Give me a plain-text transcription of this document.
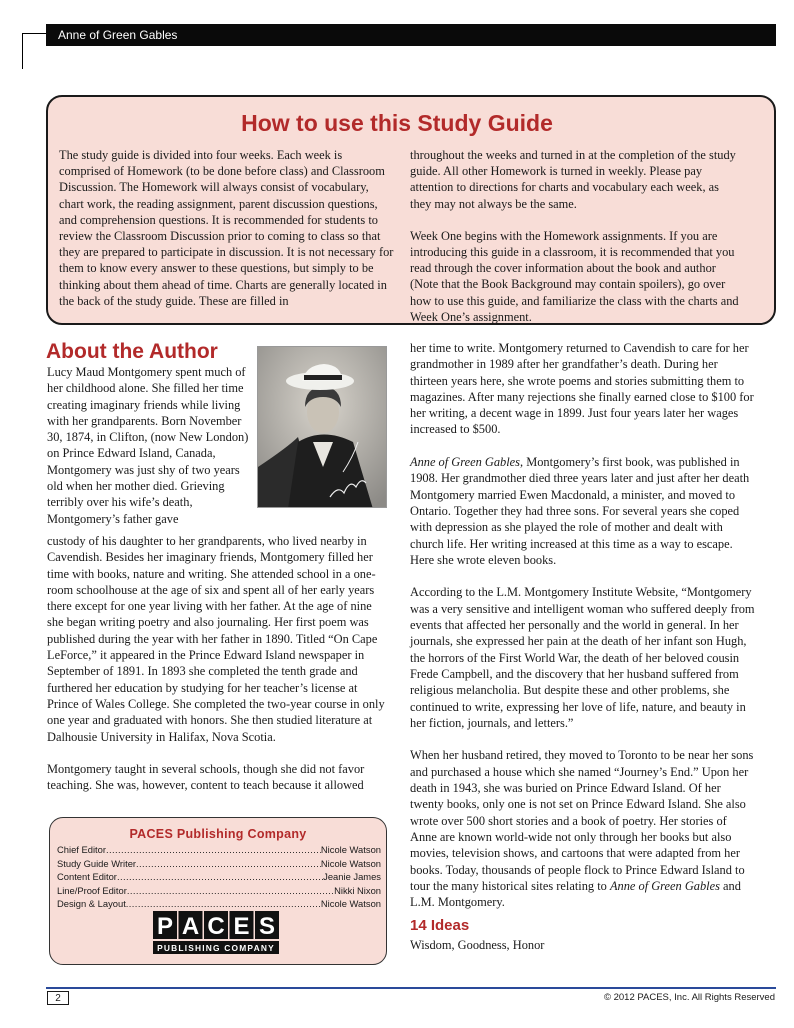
Anne of Green Gables
How to use this Study Guide

The study guide is divided into four weeks. Each week is comprised of Homework (to be done before class) and Classroom Discussion. The Homework will always consist of vocabulary, chart work, the reading assignment, parent discussion questions, and comprehension questions. It is recommended for students to review the Classroom Discussion prior to coming to class so that they are prepared to participate in discussion. It is not necessary for them to know every answer to these questions, but simply to be thinking about them ahead of time. Charts are generally located in the back of the study guide. These are filled in

throughout the weeks and turned in at the completion of the study guide. All other Homework is turned in weekly. Please pay attention to directions for charts and vocabulary each week, as they may not always be the same.

Week One begins with the Homework assignments. If you are introducing this guide in a classroom, it is recommended that you read through the cover information about the book and author (Note that the Book Background may contain spoilers), go over how to use this guide, and familiarize the class with the charts and Week One’s assignment.

About the Author
Lucy Maud Montgomery spent much of her childhood alone. She filled her time creating imaginary friends while living with her grandparents. Born November 30, 1874, in Clifton, (now New London) on Prince Edward Island, Canada, Montgomery was just shy of two years old when her mother died. Grieving terribly over his wife’s death, Montgomery’s father gave

custody of his daughter to her grandparents, who lived nearby in Cavendish. Besides her imaginary friends, Montgomery filled her time with books, nature and writing. She attended school in a one-room schoolhouse at the age of six and spent all of her early years there except for one year living with her father. At the age of nine she began writing poetry and also journaling. Her first poem was published during the year with her father in 1890. Titled “On Cape LeForce,” it appeared in the Prince Edward Island newspaper in September of 1891. In 1893 she completed the tenth grade and furthered her education by studying for her teacher’s license at Prince of Wales College. She completed the two-year course in only one year and graduated with honors. She then studied literature at Dalhousie University in Halifax, Nova Scotia.

Montgomery taught in several schools, though she did not favor teaching. She was, however, content to teach because it allowed

her time to write. Montgomery returned to Cavendish to care for her grandmother in 1989 after her grandfather’s death. During her thirteen years here, she wrote poems and stories submitting them to magazines. After many rejections she finally earned close to $100 for her writing, a decent wage in 1899. Just four years later her wages increased to $500.

Anne of Green Gables, Montgomery’s first book, was published in 1908. Her grandmother died three years later and just after her death Montgomery married Ewen Macdonald, a minister, and moved to Ontario. Together they had three sons. For several years she coped with depression as she played the role of mother and dealt with church life. Her writing increased at this time as a way to escape. Here she wrote eleven books.

According to the L.M. Montgomery Institute Website, “Montgomery was a very sensitive and intelligent woman who suffered deeply from events that affected her personally and the world in general. In her journals, she expressed her pain at the death of her infant son Hugh, the horrors of the First World War, the death of her beloved cousin Frede Campbell, and the discovery that her husband suffered from religious melancholia. But despite these and other problems, she continued to write, expressing her love of life, nature, and beauty in her fiction, journals, and letters.”

When her husband retired, they moved to Toronto to be near her sons and purchased a house which she named “Journey’s End.” Upon her death in 1943, she was buried on Prince Edward Island. Of her twenty books, only one is not set on Prince Edward Island. She also wrote over 500 short stories and a book of poetry. Her stories of Anne are known world-wide not only through her books but also movies, television shows, and cartoons that were adapted from her books. Today, thousands of people flock to Prince Edward Island to tour the many historical sites relating to Anne of Green Gables and L.M. Montgomery.

14 Ideas
Wisdom, Goodness, Honor
PACES Publishing Company
Chief Editor .....	Nicole Watson
Study Guide Writer .....	Nicole Watson
Content Editor .....	Jeanie James
Line/Proof Editor .....	Nikki Nixon
Design & Layout .....	Nicole Watson
P A C E S
PUBLISHING COMPANY
2	© 2012 PACES, Inc. All Rights Reserved
